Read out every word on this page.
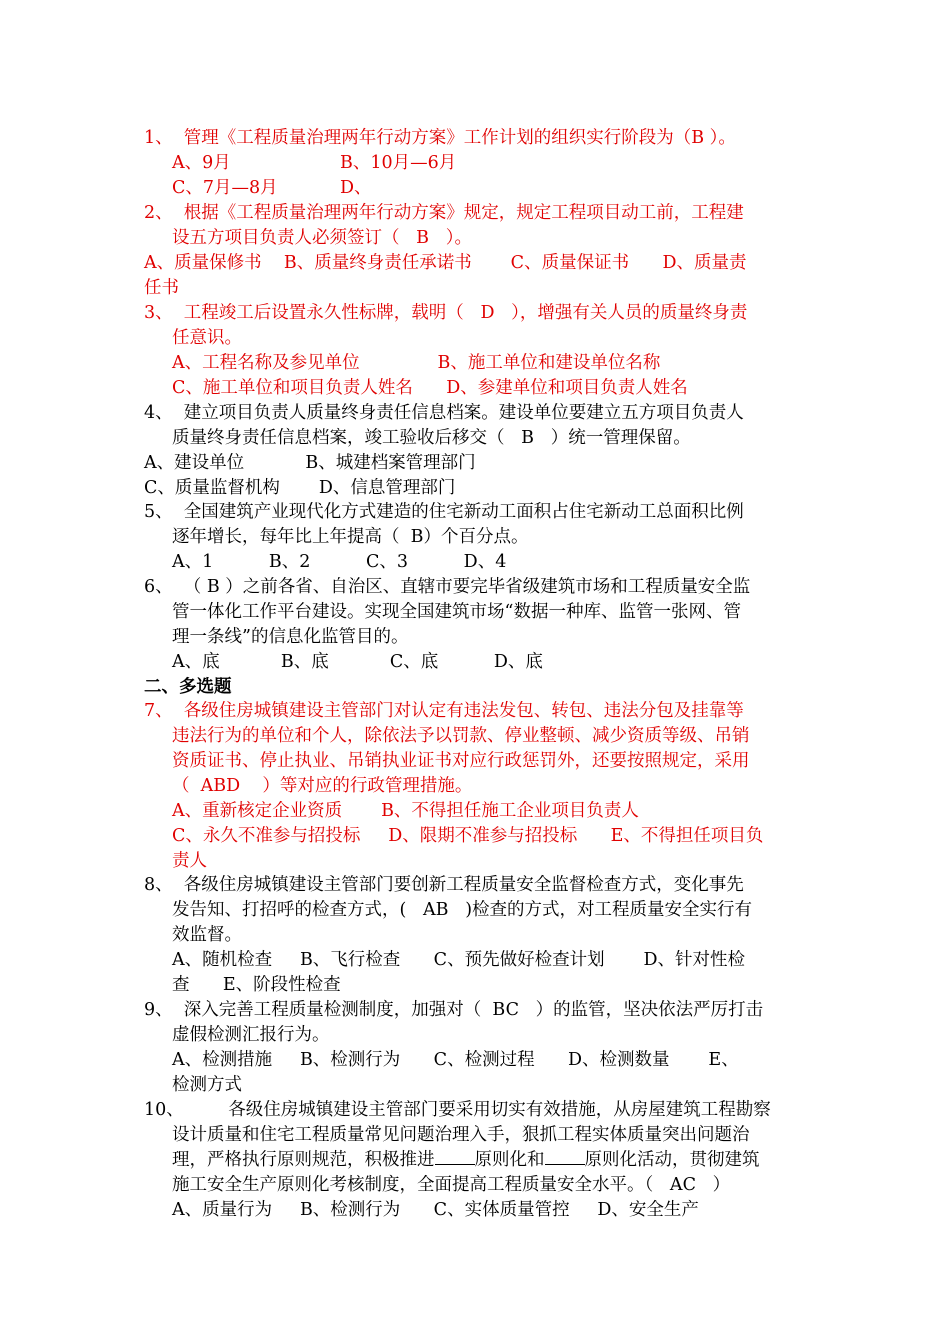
1、  管理《工程质量治理两年行动方案》工作计划的组织实行阶段为（B ）。
A、9月	B、10月—6月
C、7月—8月	D、
2、  根据《工程质量治理两年行动方案》规定，规定工程项目动工前，工程建
设五方项目负责人必须签订（   B   ）。
A、质量保修书    B、质量终身责任承诺书       C、质量保证书      D、质量责
任书
3、  工程竣工后设置永久性标牌，载明（   D   ），增强有关人员的质量终身责
任意识。
A、工程名称及参见单位              B、施工单位和建设单位名称
C、施工单位和项目负责人姓名      D、参建单位和项目负责人姓名
4、  建立项目负责人质量终身责任信息档案。建设单位要建立五方项目负责人
质量终身责任信息档案，竣工验收后移交（   B   ）统一管理保留。
A、建设单位           B、城建档案管理部门
C、质量监督机构       D、信息管理部门
5、  全国建筑产业现代化方式建造的住宅新动工面积占住宅新动工总面积比例
逐年增长，每年比上年提高（  B）个百分点。
A、1          B、2          C、3          D、4
6、  （ B ）之前各省、自治区、直辖市要完毕省级建筑市场和工程质量安全监
管一体化工作平台建设。实现全国建筑市场“数据一种库、监管一张网、管
理一条线”的信息化监管目的。
A、底           B、底           C、底          D、底
二、多选题
7、  各级住房城镇建设主管部门对认定有违法发包、转包、违法分包及挂靠等
违法行为的单位和个人，除依法予以罚款、停业整顿、减少资质等级、吊销
资质证书、停止执业、吊销执业证书对应行政惩罚外，还要按照规定，采用
（  ABD    ）等对应的行政管理措施。
A、重新核定企业资质       B、不得担任施工企业项目负责人
C、永久不准参与招投标     D、限期不准参与招投标      E、不得担任项目负
责人
8、  各级住房城镇建设主管部门要创新工程质量安全监督检查方式，变化事先
发告知、打招呼的检查方式，(   AB   )检查的方式，对工程质量安全实行有
效监督。
A、随机检查     B、飞行检查      C、预先做好检查计划       D、针对性检
查      E、阶段性检查
9、  深入完善工程质量检测制度，加强对（  BC   ）的监管，坚决依法严厉打击
虚假检测汇报行为。
A、检测措施     B、检测行为      C、检测过程      D、检测数量       E、
检测方式
10、        各级住房城镇建设主管部门要采用切实有效措施，从房屋建筑工程勘察
设计质量和住宅工程质量常见问题治理入手，狠抓工程实体质量突出问题治
理，严格执行原则规范，积极推进 原则化和 原则化活动，贯彻建筑
施工安全生产原则化考核制度，全面提高工程质量安全水平。（   AC   ）
A、质量行为     B、检测行为      C、实体质量管控     D、安全生产
